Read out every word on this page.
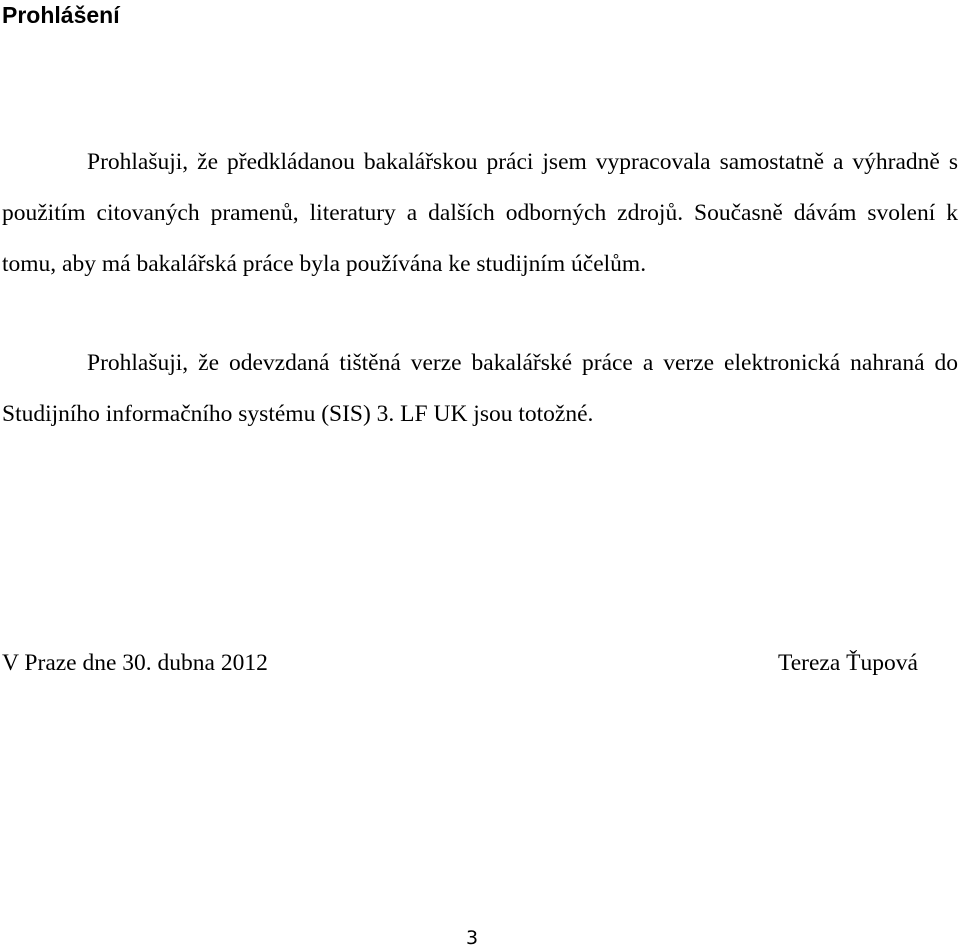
Prohlášení

Prohlašuji, že předkládanou bakalářskou práci jsem vypracovala samostatně a výhradně s použitím citovaných pramenů, literatury a dalších odborných zdrojů. Současně dávám svolení k tomu, aby má bakalářská práce byla používána ke studijním účelům.

Prohlašuji, že odevzdaná tištěná verze bakalářské práce a verze elektronická nahraná do Studijního informačního systému (SIS) 3. LF UK jsou totožné.

V Praze dne 30. dubna 2012	Tereza Ťupová
3
